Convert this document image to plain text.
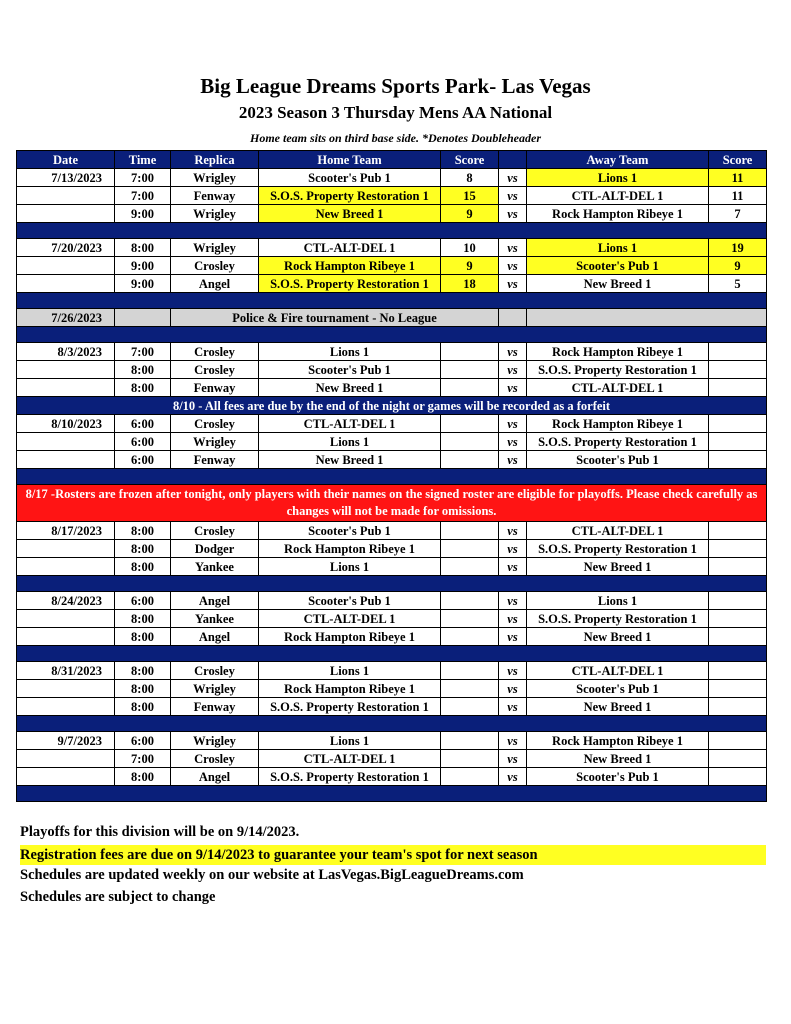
Big League Dreams Sports Park- Las Vegas
2023 Season 3 Thursday Mens AA National
Home team sits on third base side. *Denotes Doubleheader
Date	Time	Replica	Home Team	Score		Away Team	Score
7/13/2023	7:00	Wrigley	Scooter's Pub 1	8	vs	Lions 1	11
	7:00	Fenway	S.O.S. Property Restoration 1	15	vs	CTL-ALT-DEL 1	11
	9:00	Wrigley	New Breed 1	9	vs	Rock Hampton Ribeye 1	7

7/20/2023	8:00	Wrigley	CTL-ALT-DEL 1	10	vs	Lions 1	19
	9:00	Crosley	Rock Hampton Ribeye 1	9	vs	Scooter's Pub 1	9
	9:00	Angel	S.O.S. Property Restoration 1	18	vs	New Breed 1	5

7/26/2023		Police & Fire tournament - No League					

8/3/2023	7:00	Crosley	Lions 1		vs	Rock Hampton Ribeye 1	
	8:00	Crosley	Scooter's Pub 1		vs	S.O.S. Property Restoration 1	
	8:00	Fenway	New Breed 1		vs	CTL-ALT-DEL 1	
8/10 - All fees are due by the end of the night or games will be recorded as a forfeit							
8/10/2023	6:00	Crosley	CTL-ALT-DEL 1		vs	Rock Hampton Ribeye 1	
	6:00	Wrigley	Lions 1		vs	S.O.S. Property Restoration 1	
	6:00	Fenway	New Breed 1		vs	Scooter's Pub 1	

8/17 -Rosters are frozen after tonight, only players with their names on the signed roster are eligible for playoffs. Please check carefully as changes will not be made for omissions.							
8/17/2023	8:00	Crosley	Scooter's Pub 1		vs	CTL-ALT-DEL 1	
	8:00	Dodger	Rock Hampton Ribeye 1		vs	S.O.S. Property Restoration 1	
	8:00	Yankee	Lions 1		vs	New Breed 1	

8/24/2023	6:00	Angel	Scooter's Pub 1		vs	Lions 1	
	8:00	Yankee	CTL-ALT-DEL 1		vs	S.O.S. Property Restoration 1	
	8:00	Angel	Rock Hampton Ribeye 1		vs	New Breed 1	

8/31/2023	8:00	Crosley	Lions 1		vs	CTL-ALT-DEL 1	
	8:00	Wrigley	Rock Hampton Ribeye 1		vs	Scooter's Pub 1	
	8:00	Fenway	S.O.S. Property Restoration 1		vs	New Breed 1	

9/7/2023	6:00	Wrigley	Lions 1		vs	Rock Hampton Ribeye 1	
	7:00	Crosley	CTL-ALT-DEL 1		vs	New Breed 1	
	8:00	Angel	S.O.S. Property Restoration 1		vs	Scooter's Pub 1	

Playoffs for this division will be on 9/14/2023.
Registration fees are due on 9/14/2023 to guarantee your team's spot for next season
Schedules are updated weekly on our website at LasVegas.BigLeagueDreams.com
Schedules are subject to change
